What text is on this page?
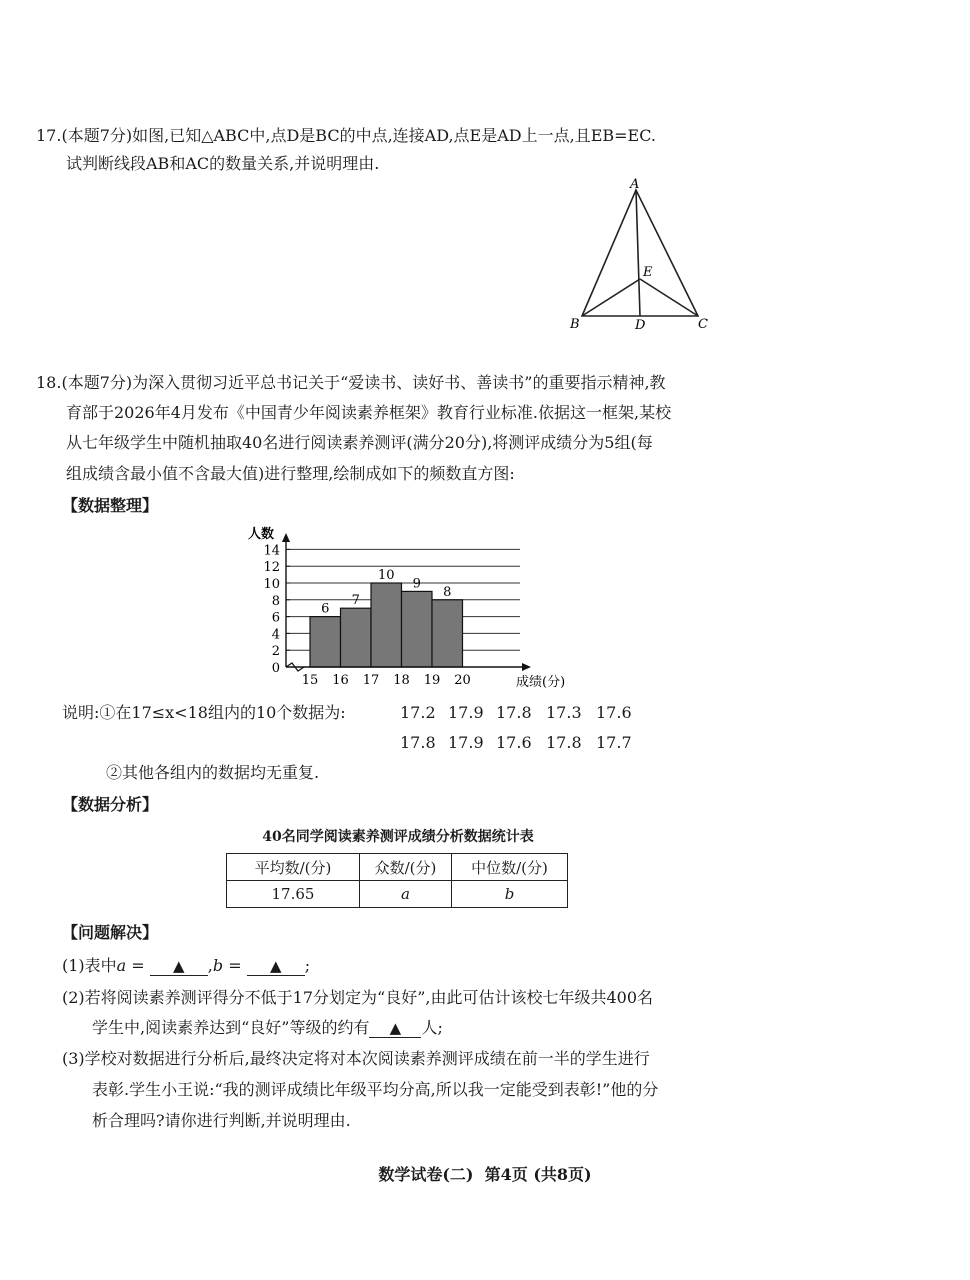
17.(本题7分)如图,已知△ABC中,点D是BC的中点,连接AD,点E是AD上一点,且EB=EC.
试判断线段AB和AC的数量关系,并说明理由.
A
E
B	D	C
18.(本题7分)为深入贯彻习近平总书记关于“爱读书、读好书、善读书”的重要指示精神,教
育部于2026年4月发布《中国青少年阅读素养框架》教育行业标准.依据这一框架,某校
从七年级学生中随机抽取40名进行阅读素养测评(满分20分),将测评成绩分为5组(每
组成绩含最小值不含最大值)进行整理,绘制成如下的频数直方图:
【数据整理】
6
7
10
9
8
0
2
4
6
8
10
12
14
15 16 17 18 19 20
人数
成绩(分)
说明:①在17≤x<18组内的10个数据为:	17.2 17.9 17.8 17.3 17.6
17.8 17.9 17.6 17.8 17.7
②其他各组内的数据均无重复.
【数据分析】
40名同学阅读素养测评成绩分析数据统计表
平均数/(分)	众数/(分)	中位数/(分)
17.65	a	b
【问题解决】
(1)表中a = ▲ ,b = ▲ ;
(2)若将阅读素养测评得分不低于17分划定为“良好”,由此可估计该校七年级共400名
学生中,阅读素养达到“良好”等级的约有 ▲ 人;
(3)学校对数据进行分析后,最终决定将对本次阅读素养测评成绩在前一半的学生进行
表彰.学生小王说:“我的测评成绩比年级平均分高,所以我一定能受到表彰!”他的分
析合理吗?请你进行判断,并说明理由.
数学试卷(二)  第4页 (共8页)
